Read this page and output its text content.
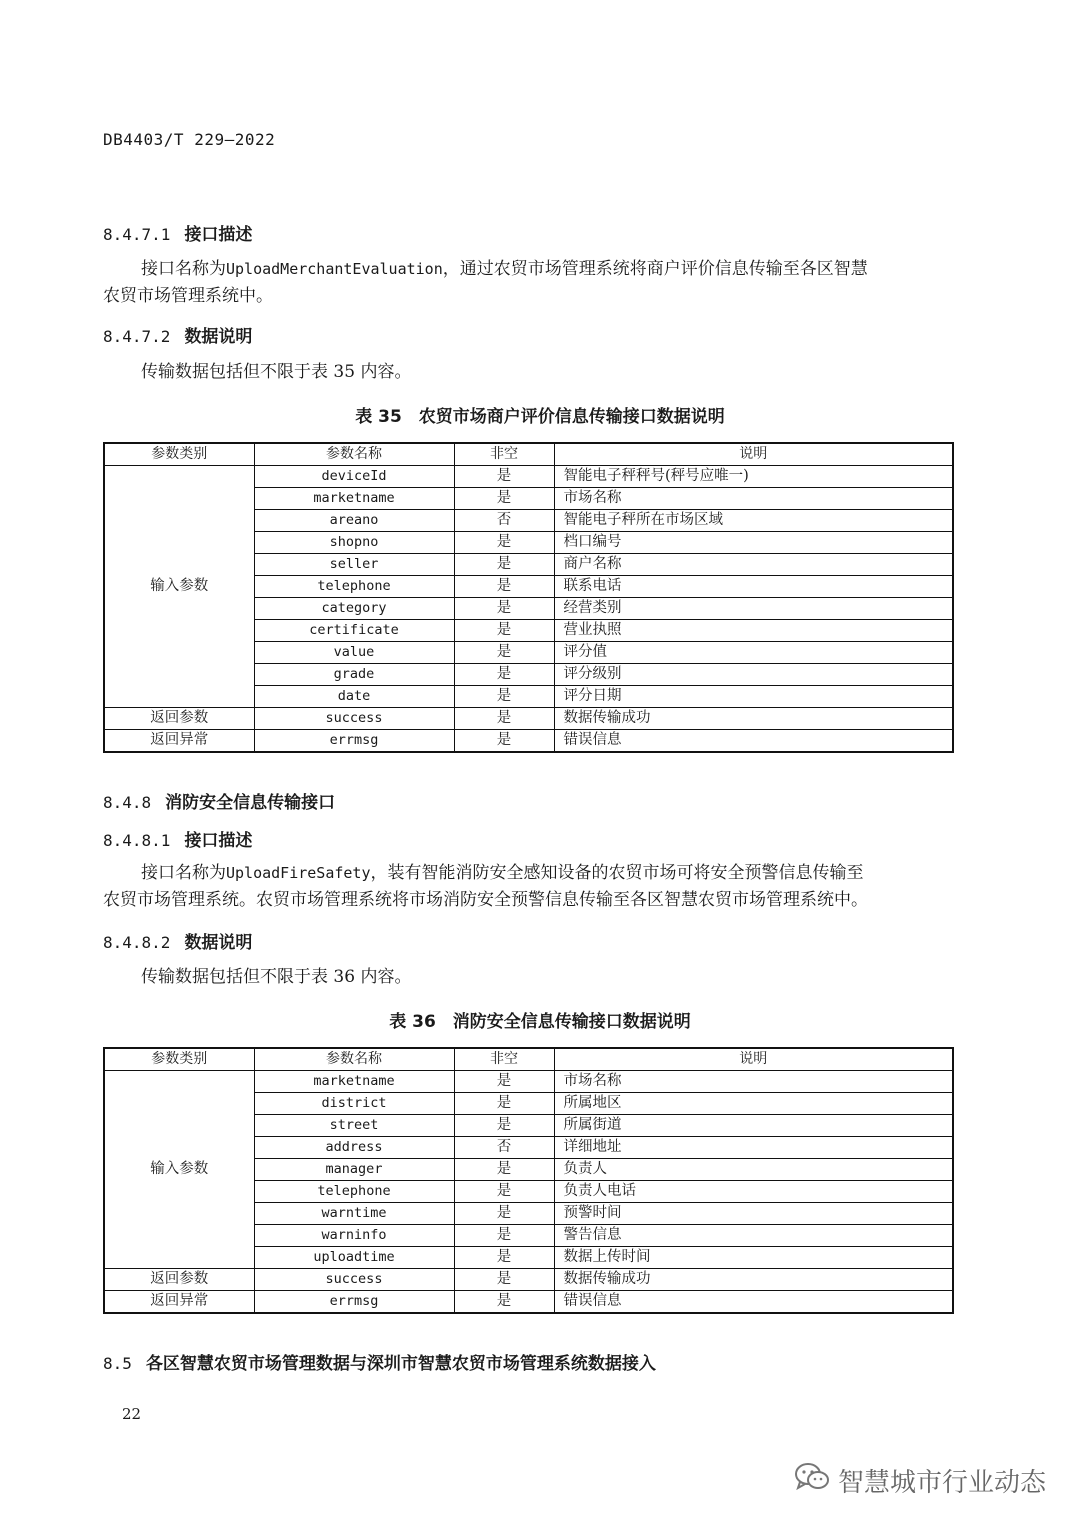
DB4403/T 229—2022
8.4.7.1 接口描述
接口名称为UploadMerchantEvaluation，通过农贸市场管理系统将商户评价信息传输至各区智慧
农贸市场管理系统中。
8.4.7.2 数据说明
传输数据包括但不限于表 35 内容。
表 35　农贸市场商户评价信息传输接口数据说明
参数类别	参数名称	非空	说明
输入参数	deviceId	是	智能电子秤秤号(秤号应唯一)
	marketname	是	市场名称
	areano	否	智能电子秤所在市场区域
	shopno	是	档口编号
	seller	是	商户名称
	telephone	是	联系电话
	category	是	经营类别
	certificate	是	营业执照
	value	是	评分值
	grade	是	评分级别
	date	是	评分日期
返回参数	success	是	数据传输成功
返回异常	errmsg	是	错误信息
8.4.8 消防安全信息传输接口
8.4.8.1 接口描述
接口名称为UploadFireSafety，装有智能消防安全感知设备的农贸市场可将安全预警信息传输至
农贸市场管理系统。农贸市场管理系统将市场消防安全预警信息传输至各区智慧农贸市场管理系统中。
8.4.8.2 数据说明
传输数据包括但不限于表 36 内容。
表 36　消防安全信息传输接口数据说明
参数类别	参数名称	非空	说明
输入参数	marketname	是	市场名称
	district	是	所属地区
	street	是	所属街道
	address	否	详细地址
	manager	是	负责人
	telephone	是	负责人电话
	warntime	是	预警时间
	warninfo	是	警告信息
	uploadtime	是	数据上传时间
返回参数	success	是	数据传输成功
返回异常	errmsg	是	错误信息
8.5 各区智慧农贸市场管理数据与深圳市智慧农贸市场管理系统数据接入
22
智慧城市行业动态
